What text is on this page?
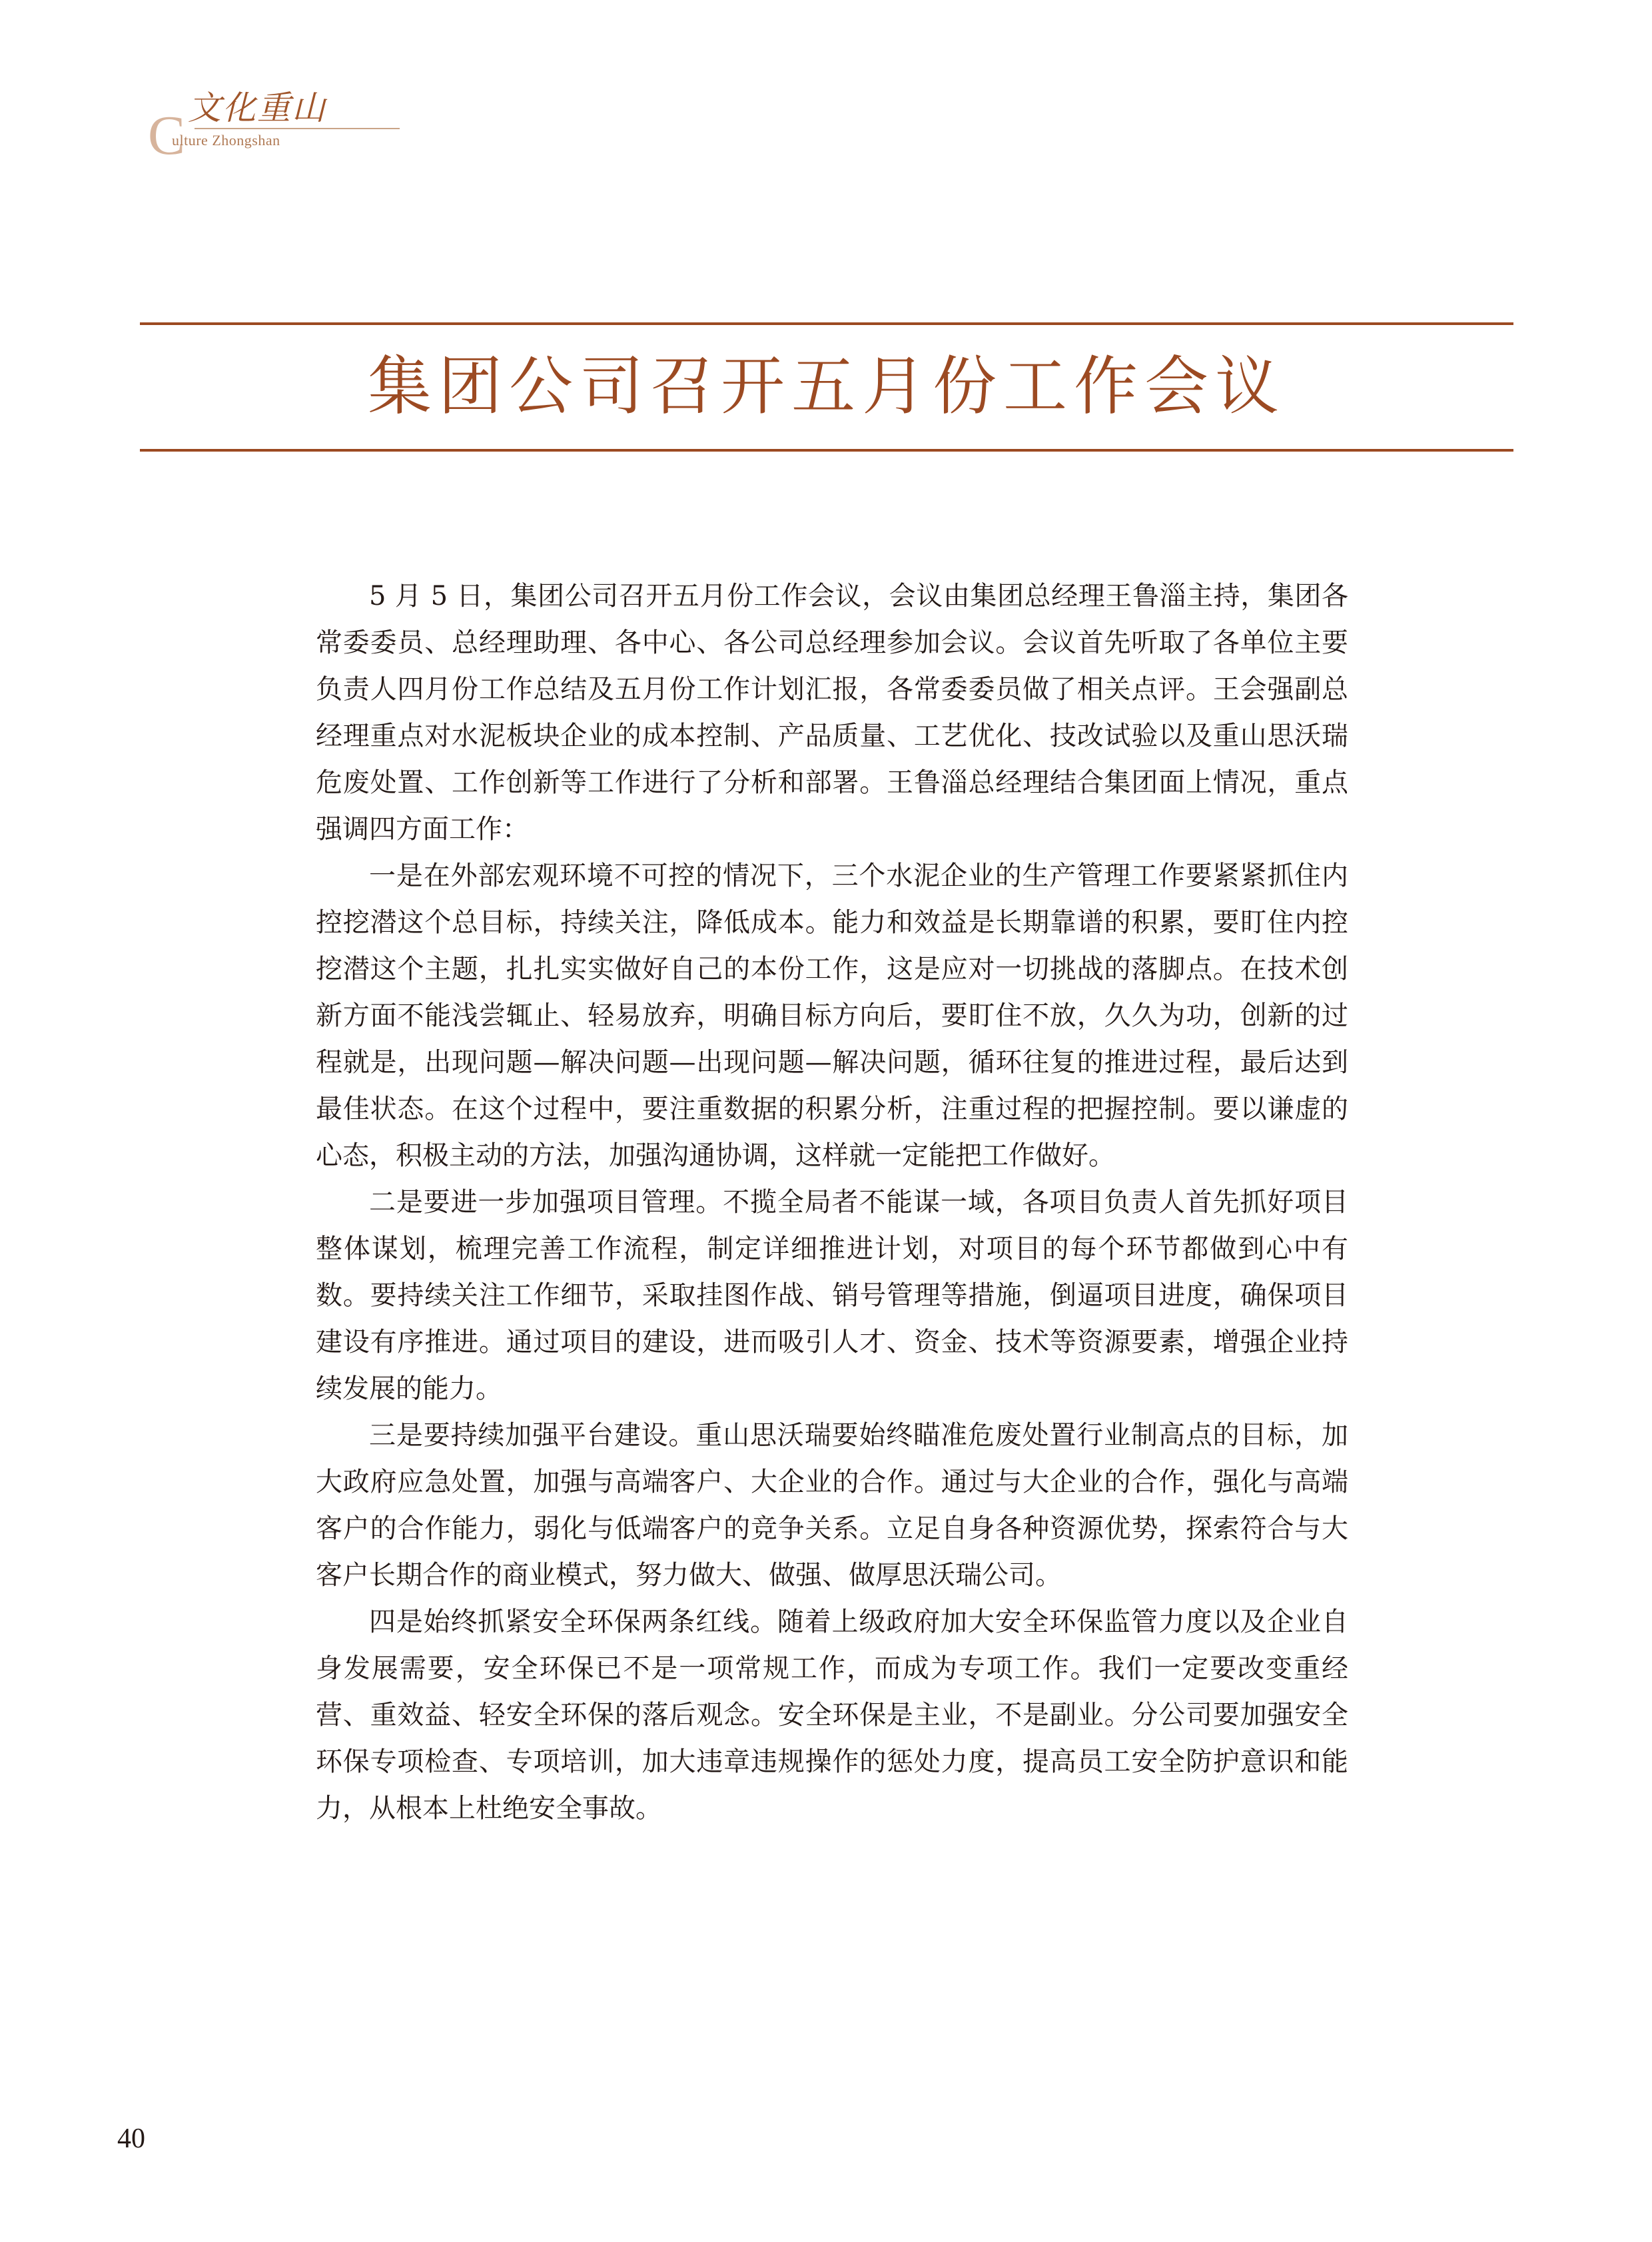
C 文化重山
ulture Zhongshan
集团公司召开五月份工作会议

5 月 5 日，集团公司召开五月份工作会议，会议由集团总经理王鲁淄主持，集团各常委委员、总经理助理、各中心、各公司总经理参加会议。会议首先听取了各单位主要负责人四月份工作总结及五月份工作计划汇报，各常委委员做了相关点评。王会强副总经理重点对水泥板块企业的成本控制、产品质量、工艺优化、技改试验以及重山思沃瑞危废处置、工作创新等工作进行了分析和部署。王鲁淄总经理结合集团面上情况，重点强调四方面工作：

一是在外部宏观环境不可控的情况下，三个水泥企业的生产管理工作要紧紧抓住内控挖潜这个总目标，持续关注，降低成本。能力和效益是长期靠谱的积累，要盯住内控挖潜这个主题，扎扎实实做好自己的本份工作，这是应对一切挑战的落脚点。在技术创新方面不能浅尝辄止、轻易放弃，明确目标方向后，要盯住不放，久久为功，创新的过程就是，出现问题—解决问题—出现问题—解决问题，循环往复的推进过程，最后达到最佳状态。在这个过程中，要注重数据的积累分析，注重过程的把握控制。要以谦虚的心态，积极主动的方法，加强沟通协调，这样就一定能把工作做好。

二是要进一步加强项目管理。不揽全局者不能谋一域，各项目负责人首先抓好项目整体谋划，梳理完善工作流程，制定详细推进计划，对项目的每个环节都做到心中有数。要持续关注工作细节，采取挂图作战、销号管理等措施，倒逼项目进度，确保项目建设有序推进。通过项目的建设，进而吸引人才、资金、技术等资源要素，增强企业持续发展的能力。

三是要持续加强平台建设。重山思沃瑞要始终瞄准危废处置行业制高点的目标，加大政府应急处置，加强与高端客户、大企业的合作。通过与大企业的合作，强化与高端客户的合作能力，弱化与低端客户的竞争关系。立足自身各种资源优势，探索符合与大客户长期合作的商业模式，努力做大、做强、做厚思沃瑞公司。

四是始终抓紧安全环保两条红线。随着上级政府加大安全环保监管力度以及企业自身发展需要，安全环保已不是一项常规工作，而成为专项工作。我们一定要改变重经营、重效益、轻安全环保的落后观念。安全环保是主业，不是副业。分公司要加强安全环保专项检查、专项培训，加大违章违规操作的惩处力度，提高员工安全防护意识和能力，从根本上杜绝安全事故。

40
